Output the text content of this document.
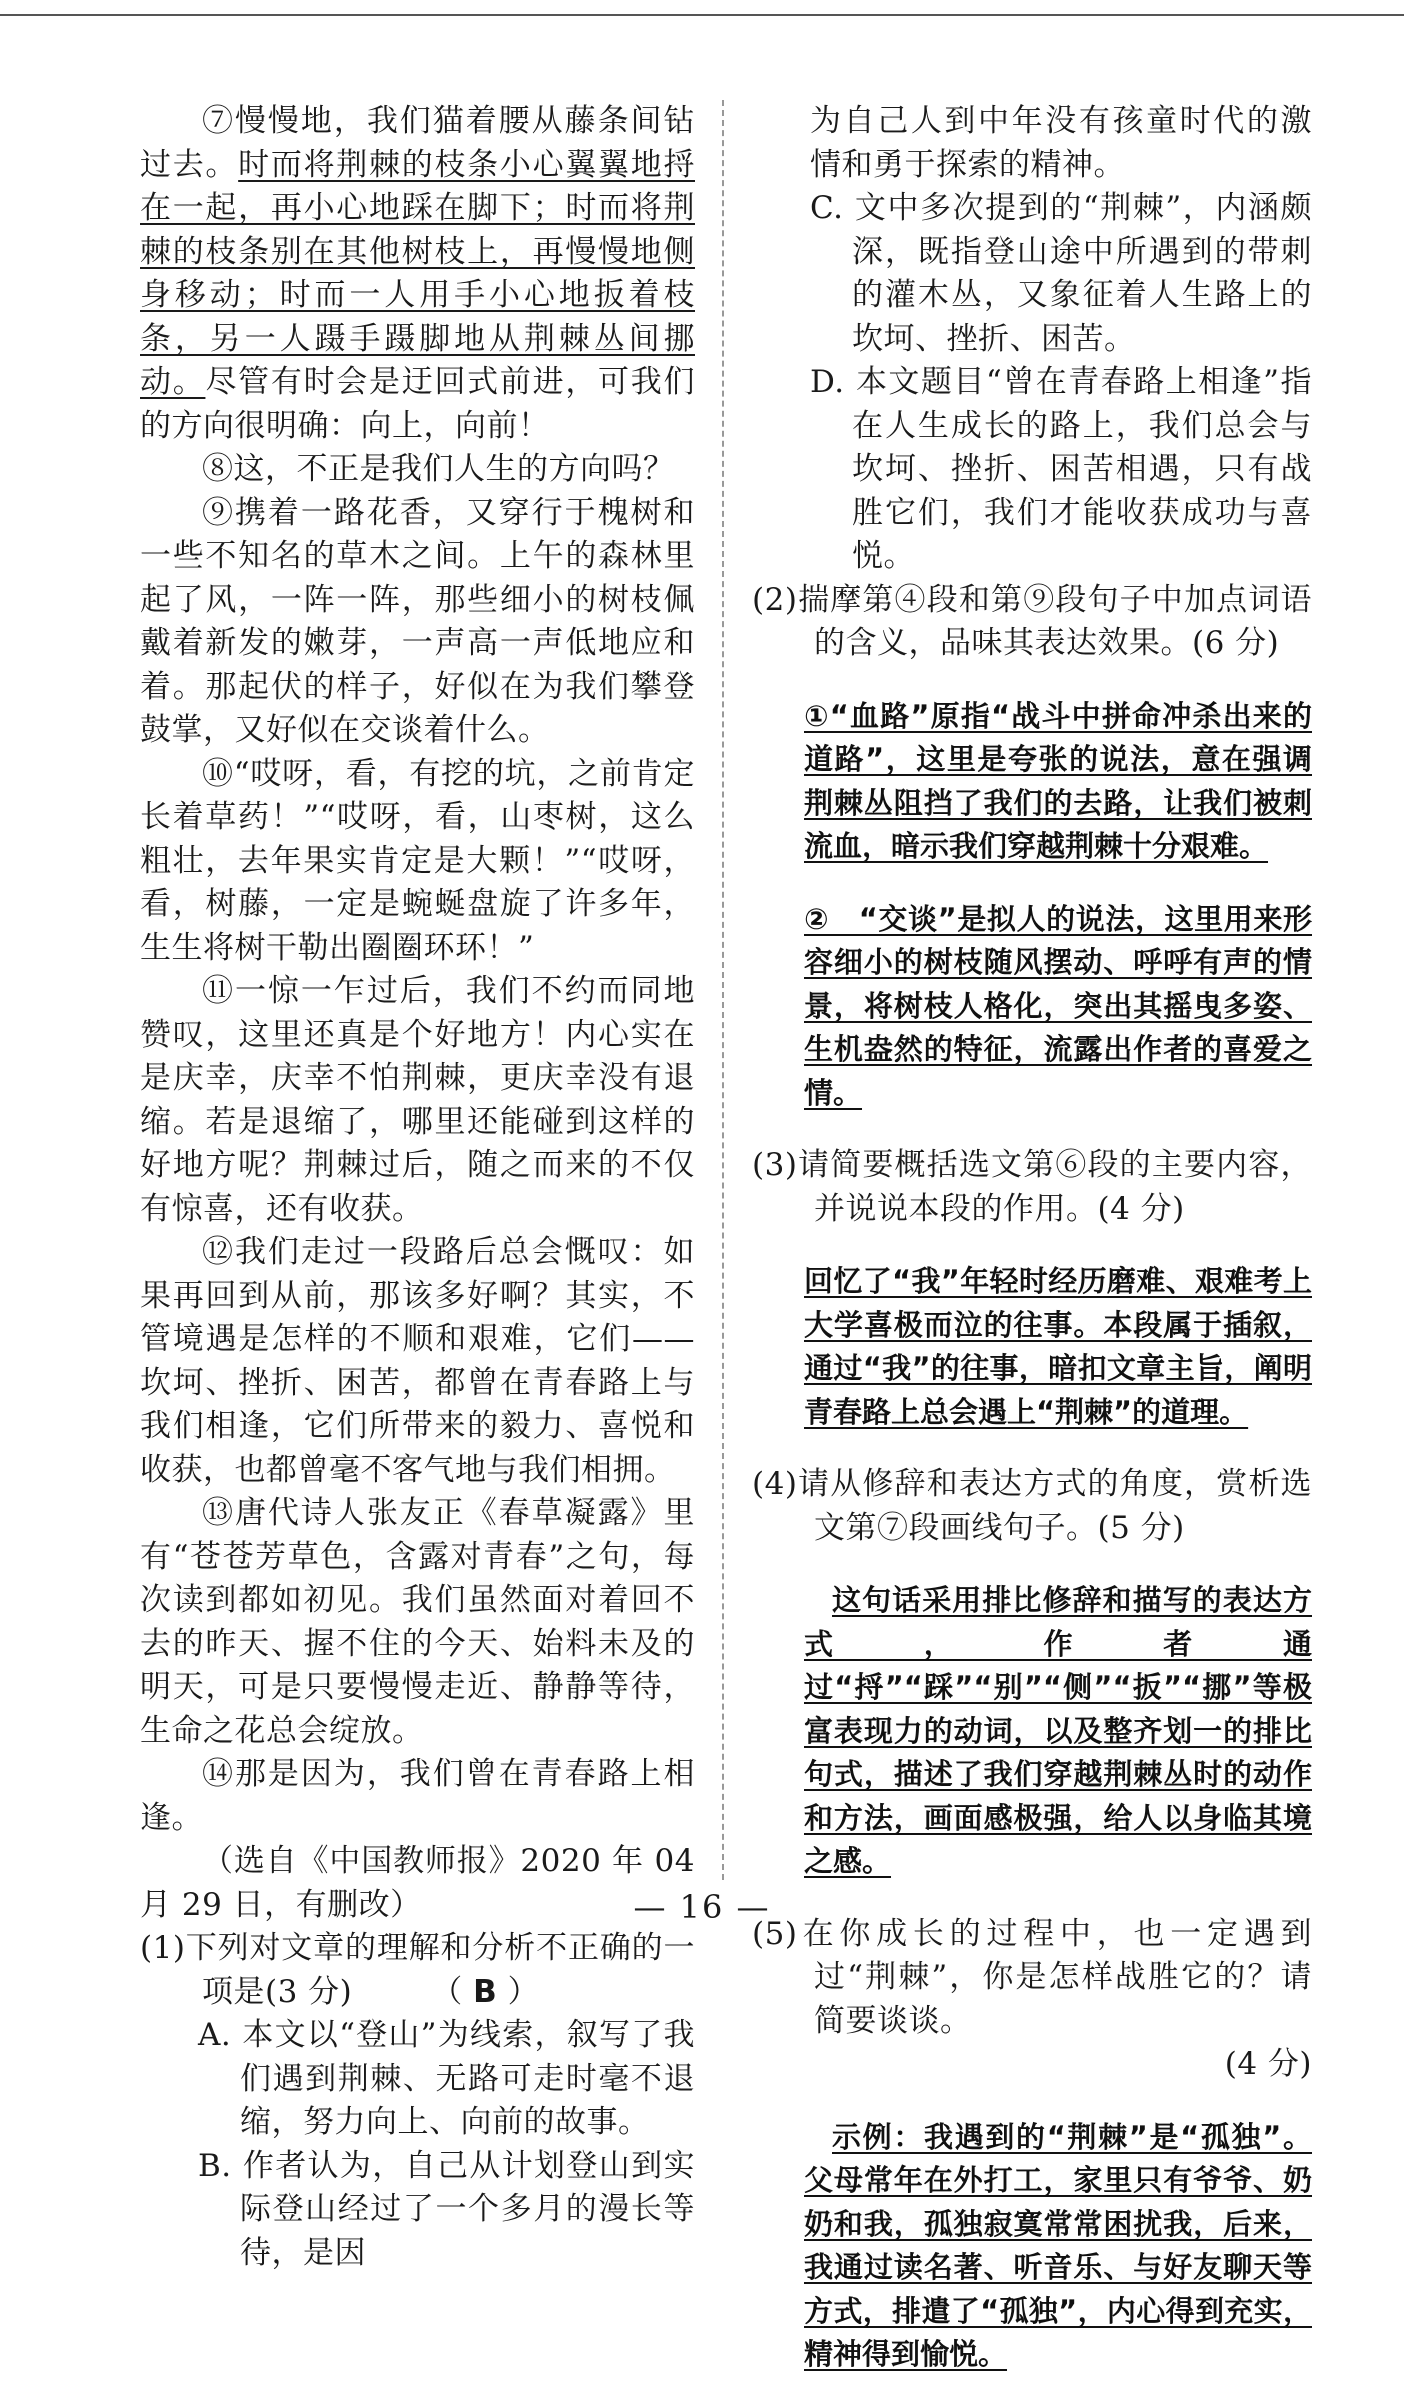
⑦慢慢地，我们猫着腰从藤条间钻过去。时而将荆棘的枝条小心翼翼地捋在一起，再小心地踩在脚下；时而将荆棘的枝条别在其他树枝上，再慢慢地侧身移动；时而一人用手小心地扳着枝条，另一人蹑手蹑脚地从荆棘丛间挪动。尽管有时会是迂回式前进，可我们的方向很明确：向上，向前！

⑧这，不正是我们人生的方向吗？

⑨携着一路花香，又穿行于槐树和一些不知名的草木之间。上午的森林里起了风，一阵一阵，那些细小的树枝佩戴着新发的嫩芽，一声高一声低地应和着。那起伏的样子，好似在为我们攀登鼓掌，又好似在交谈着什么。

⑩“哎呀，看，有挖的坑，之前肯定长着草药！”“哎呀，看，山枣树，这么粗壮，去年果实肯定是大颗！”“哎呀，看，树藤，一定是蜿蜒盘旋了许多年，生生将树干勒出圈圈环环！”

⑪一惊一乍过后，我们不约而同地赞叹，这里还真是个好地方！内心实在是庆幸，庆幸不怕荆棘，更庆幸没有退缩。若是退缩了，哪里还能碰到这样的好地方呢？荆棘过后，随之而来的不仅有惊喜，还有收获。

⑫我们走过一段路后总会慨叹：如果再回到从前，那该多好啊？其实，不管境遇是怎样的不顺和艰难，它们——坎坷、挫折、困苦，都曾在青春路上与我们相逢，它们所带来的毅力、喜悦和收获，也都曾毫不客气地与我们相拥。

⑬唐代诗人张友正《春草凝露》里有“苍苍芳草色，含露对青春”之句，每次读到都如初见。我们虽然面对着回不去的昨天、握不住的今天、始料未及的明天，可是只要慢慢走近、静静等待，生命之花总会绽放。

⑭那是因为，我们曾在青春路上相逢。

（选自《中国教师报》2020 年 04 月 29 日，有删改）

(1)下列对文章的理解和分析不正确的一项是(3 分)　　　	（ B ）

A. 本文以“登山”为线索，叙写了我们遇到荆棘、无路可走时毫不退缩，努力向上、向前的故事。

B. 作者认为，自己从计划登山到实际登山经过了一个多月的漫长等待，是因

为自己人到中年没有孩童时代的激情和勇于探索的精神。

C. 文中多次提到的“荆棘”，内涵颇深，既指登山途中所遇到的带刺的灌木丛，又象征着人生路上的坎坷、挫折、困苦。

D. 本文题目“曾在青春路上相逢”指在人生成长的路上，我们总会与坎坷、挫折、困苦相遇，只有战胜它们，我们才能收获成功与喜悦。

(2)揣摩第④段和第⑨段句子中加点词语的含义，品味其表达效果。(6 分)

①“血路”原指“战斗中拼命冲杀出来的道路”，这里是夸张的说法，意在强调荆棘丛阻挡了我们的去路，让我们被刺流血，暗示我们穿越荆棘十分艰难。

②　“交谈”是拟人的说法，这里用来形容细小的树枝随风摆动、呼呼有声的情景，将树枝人格化，突出其摇曳多姿、生机盎然的特征，流露出作者的喜爱之情。

(3)请简要概括选文第⑥段的主要内容，并说说本段的作用。(4 分)

回忆了“我”年轻时经历磨难、艰难考上大学喜极而泣的往事。本段属于插叙，通过“我”的往事，暗扣文章主旨，阐明青春路上总会遇上“荆棘”的道理。

(4)请从修辞和表达方式的角度，赏析选文第⑦段画线句子。(5 分)

这句话采用排比修辞和描写的表达方式，作者通过“捋”“踩”“别”“侧”“扳”“挪”等极富表现力的动词，以及整齐划一的排比句式，描述了我们穿越荆棘丛时的动作和方法，画面感极强，给人以身临其境之感。

(5)在你成长的过程中，也一定遇到过“荆棘”，你是怎样战胜它的？请简要谈谈。

(4 分)

示例：我遇到的“荆棘”是“孤独”。父母常年在外打工，家里只有爷爷、奶奶和我，孤独寂寞常常困扰我，后来，我通过读名著、听音乐、与好友聊天等方式，排遣了“孤独”，内心得到充实，精神得到愉悦。

— 16 —
